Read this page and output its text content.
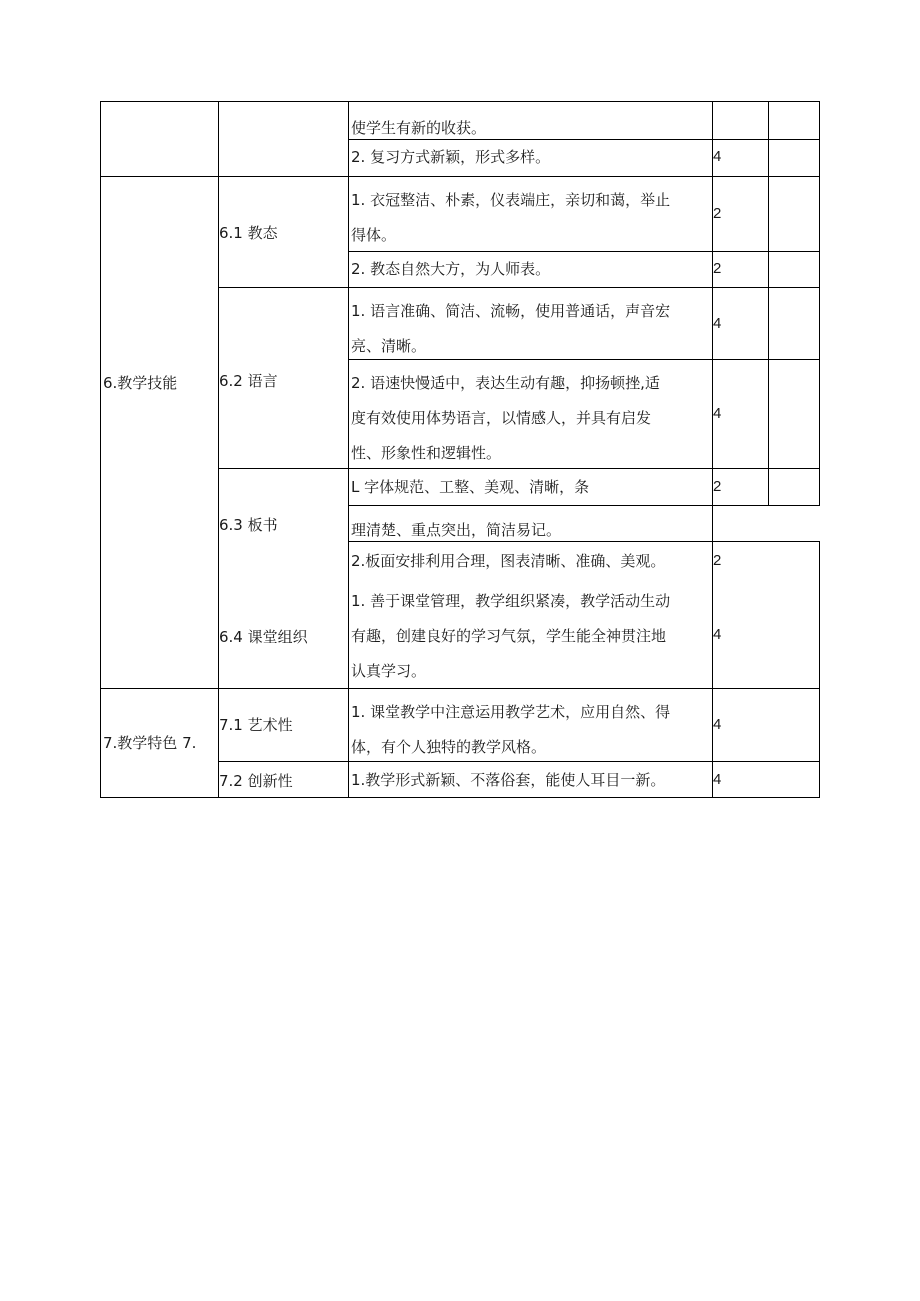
6.教学技能
7.教学特色 7.
6.1 教态
6.2 语言
6.3 板书
6.4 课堂组织
7.1 艺术性
7.2 创新性
使学生有新的收获。
2. 复习方式新颖，形式多样。
1. 衣冠整洁、朴素，仪表端庄，亲切和蔼，举止
得体。
2. 教态自然大方，为人师表。
1. 语言准确、简洁、流畅，使用普通话，声音宏
亮、清晰。
2. 语速快慢适中，表达生动有趣，抑扬顿挫,适
度有效使用体势语言，以情感人，并具有启发
性、形象性和逻辑性。
L 字体规范、工整、美观、清晰，条
理清楚、重点突出，简洁易记。
2.板面安排利用合理，图表清晰、准确、美观。
1. 善于课堂管理，教学组织紧凑，教学活动生动
有趣，创建良好的学习气氛，学生能全神贯注地
认真学习。
1. 课堂教学中注意运用教学艺术，应用自然、得
体，有个人独特的教学风格。
1.教学形式新颖、不落俗套，能使人耳目一新。
4
2
2
4
4
2
2
4
4
4
